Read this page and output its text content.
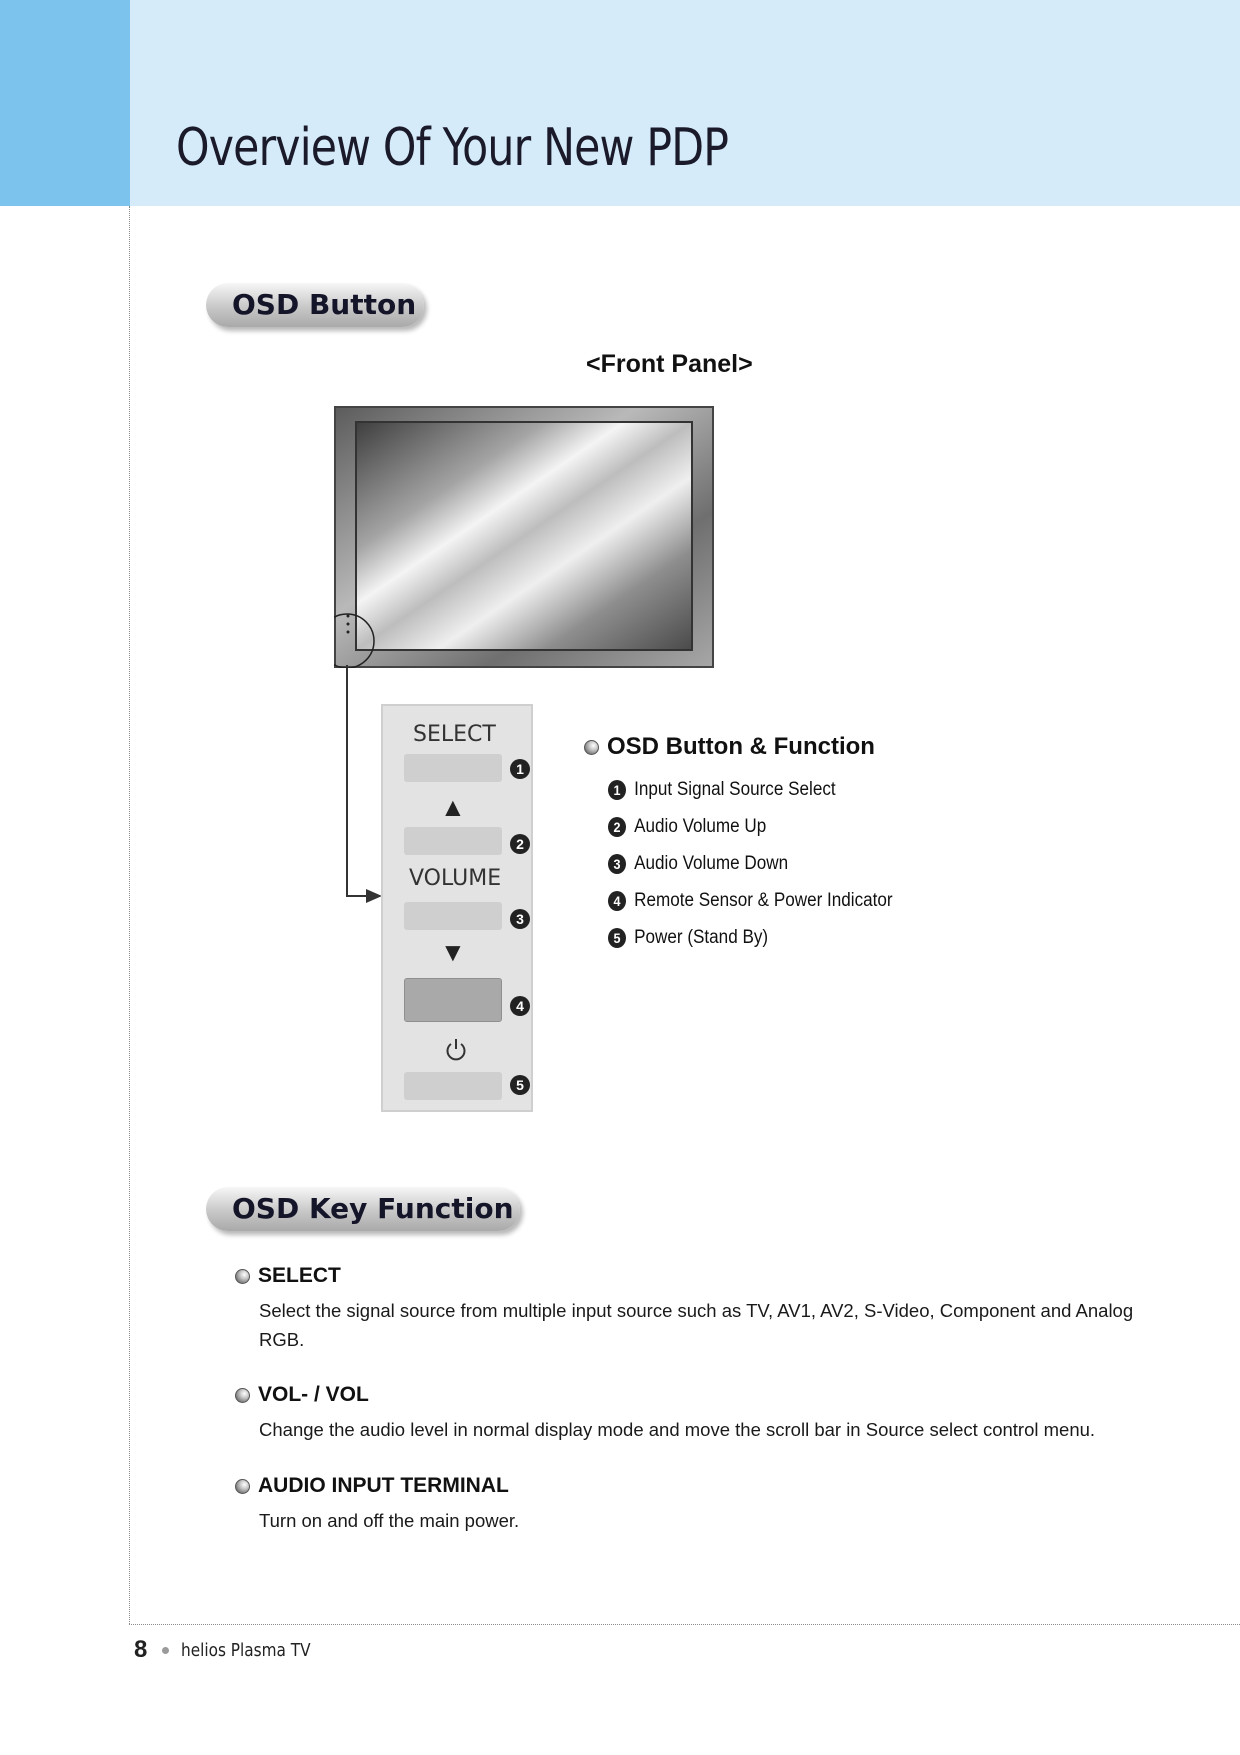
Overview Of Your New PDP
OSD Button
<Front Panel>
SELECT
1
▲
2
VOLUME
3
▼
4
5
OSD Button & Function
1 Input Signal Source Select
2 Audio Volume Up
3 Audio Volume Down
4 Remote Sensor & Power Indicator
5 Power (Stand By)
OSD Key Function
SELECT

Select the signal source from multiple input source such as TV, AV1, AV2, S-Video, Component and Analog RGB.

VOL- / VOL

Change the audio level in normal display mode and move the scroll bar in Source select control menu.

AUDIO INPUT TERMINAL

Turn on and off the main power.

8 helios Plasma TV
